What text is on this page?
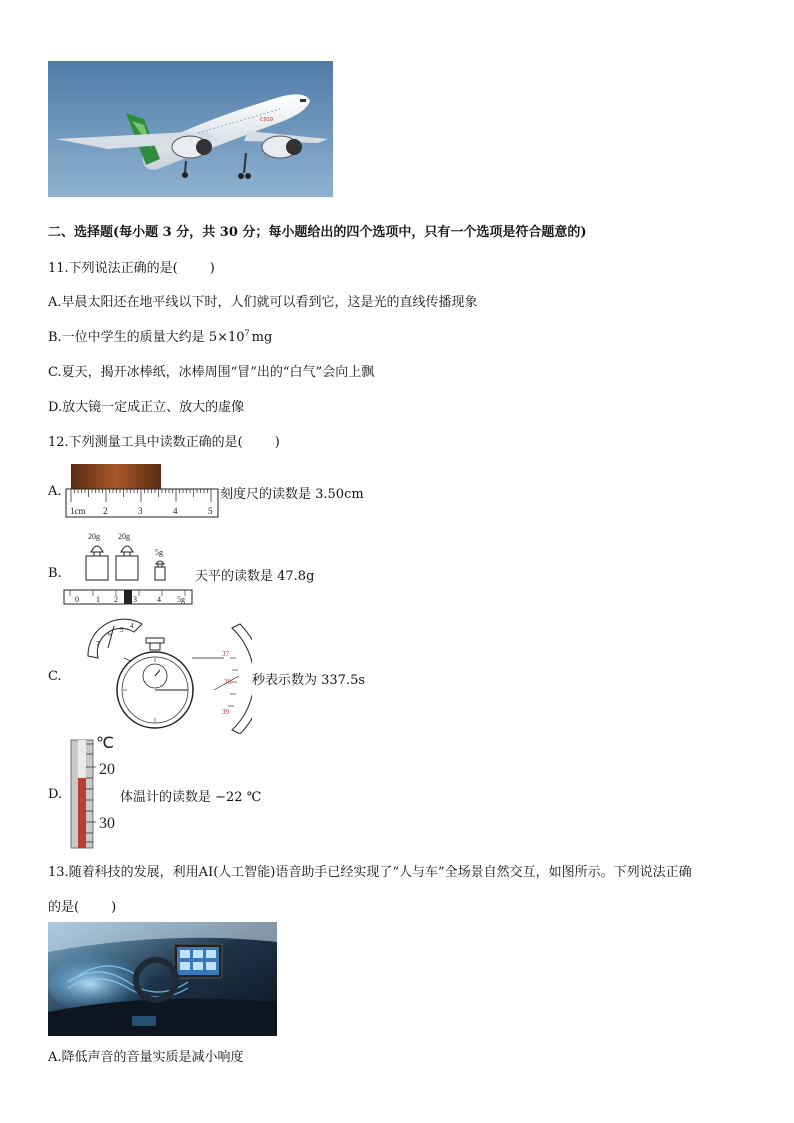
C919
二、选择题(每小题 3 分，共 30 分；每小题给出的四个选项中，只有一个选项是符合题意的)
11.下列说法正确的是( )
A.早晨太阳还在地平线以下时，人们就可以看到它，这是光的直线传播现象
B.一位中学生的质量大约是 $5\times 10^7$ mg
C.夏天，揭开冰棒纸，冰棒周围“冒”出的“白气”会向上飘
D.放大镜一定成正立、放大的虚像
12.下列测量工具中读数正确的是( )
A.
1cm 2	3	4	5
刻度尺的读数是 3.50cm
B.
20g 20g
5g
0 1 2 3	4 5g
天平的读数是 47.8g
C.
7
6 5 4
37
38
39
秒表示数为 337.5s
D.
℃
20
30
体温计的读数是 −22 ℃
13.随着科技的发展，利用AI(人工智能)语音助手已经实现了“人与车”全场景自然交互，如图所示。下列说法正确
的是( )
A.降低声音的音量实质是减小响度
